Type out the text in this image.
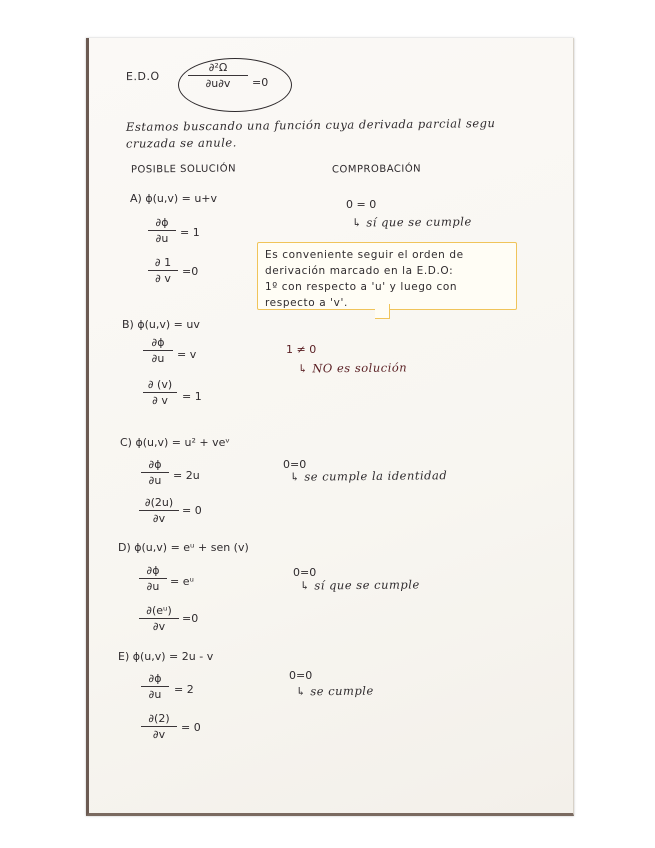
E.D.O
∂²Ω
∂u∂v	=0
Estamos buscando una función cuya derivada parcial segu
cruzada se anule.
POSIBLE SOLUCIÓN	COMPROBACIÓN
A) ϕ(u,v) = u+v
∂ϕ
∂u	= 1
∂ 1
∂ v
=0
0 = 0
↳ sí que se cumple
Es conveniente seguir el orden de
derivación marcado en la E.D.O:
1º con respecto a 'u' y luego con
respecto a 'v'.
B) ϕ(u,v) = uv
∂ϕ
∂u	= v
∂ (v)
∂ v	= 1
1 ≠ 0
↳ NO es solución
C) ϕ(u,v) = u² + veᵛ
∂ϕ
∂u	= 2u
∂(2u)
∂v
= 0
0=0
↳ se cumple la identidad
D) ϕ(u,v) = eᵘ + sen (v)
∂ϕ
∂u = eᵘ
∂(eᵘ)
∂v
=0
0=0
↳ sí que se cumple
E) ϕ(u,v) = 2u - v
∂ϕ
∂u	= 2
∂(2)
∂v
= 0
0=0
↳ se cumple
